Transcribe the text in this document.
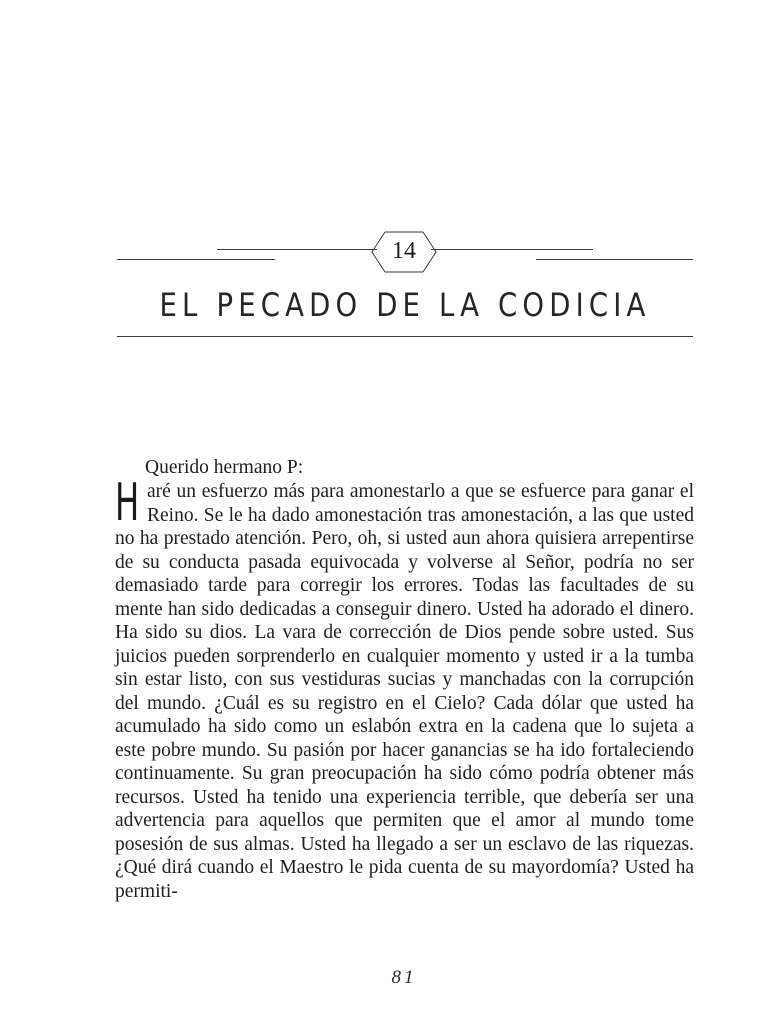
14
EL PECADO DE LA CODICIA

Querido hermano P:

Haré un esfuerzo más para amonestarlo a que se esfuerce para ganar el Reino. Se le ha dado amonestación tras amonestación, a las que usted no ha prestado atención. Pero, oh, si usted aun ahora quisiera arrepentirse de su conducta pasada equivocada y volverse al Señor, podría no ser demasiado tarde para corregir los errores. Todas las facultades de su mente han sido dedicadas a conseguir dinero. Usted ha adorado el dinero. Ha sido su dios. La vara de corrección de Dios pende sobre usted. Sus juicios pueden sorprenderlo en cualquier momento y usted ir a la tumba sin estar listo, con sus vestiduras sucias y manchadas con la corrupción del mundo. ¿Cuál es su registro en el Cielo? Cada dólar que usted ha acumulado ha sido como un eslabón extra en la cadena que lo sujeta a este pobre mundo. Su pasión por hacer ganancias se ha ido fortaleciendo continuamente. Su gran preocupación ha sido cómo podría obtener más recursos. Usted ha tenido una experiencia terrible, que debería ser una advertencia para aquellos que permiten que el amor al mundo tome posesión de sus almas. Usted ha llegado a ser un esclavo de las riquezas. ¿Qué dirá cuando el Maestro le pida cuenta de su mayordomía? Usted ha permiti-

81
